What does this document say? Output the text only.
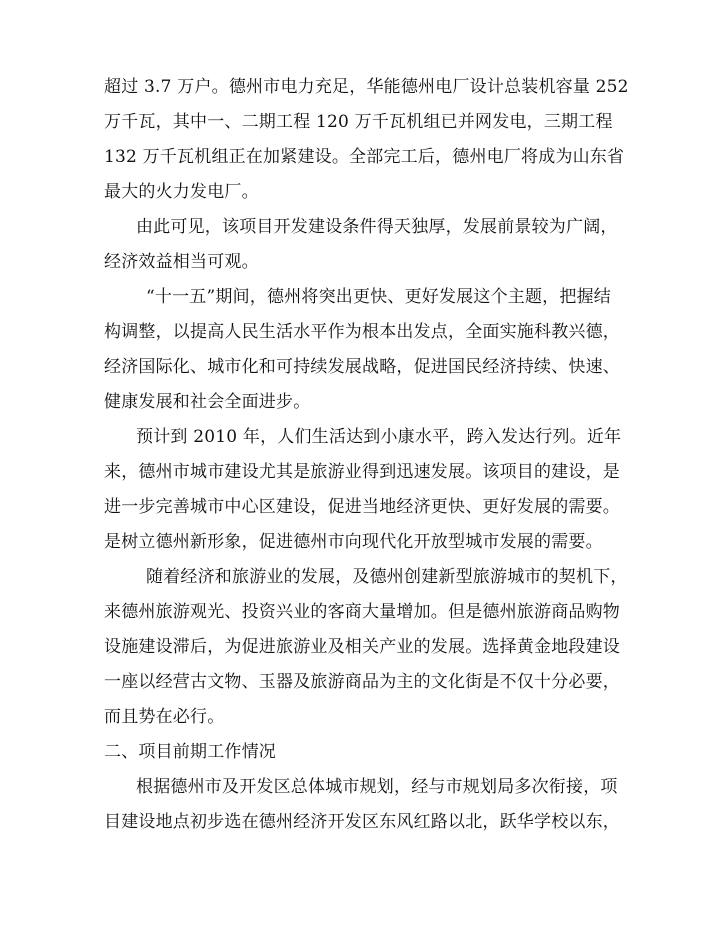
超过 3.7 万户。德州市电力充足，华能德州电厂设计总装机容量 252
万千瓦，其中一、二期工程 120 万千瓦机组已并网发电，三期工程
132 万千瓦机组正在加紧建设。全部完工后，德州电厂将成为山东省
最大的火力发电厂。
由此可见，该项目开发建设条件得天独厚，发展前景较为广阔，
经济效益相当可观。
“十一五”期间，德州将突出更快、更好发展这个主题，把握结
构调整，以提高人民生活水平作为根本出发点，全面实施科教兴德，
经济国际化、城市化和可持续发展战略，促进国民经济持续、快速、
健康发展和社会全面进步。
预计到 2010 年，人们生活达到小康水平，跨入发达行列。近年
来，德州市城市建设尤其是旅游业得到迅速发展。该项目的建设，是
进一步完善城市中心区建设，促进当地经济更快、更好发展的需要。
是树立德州新形象，促进德州市向现代化开放型城市发展的需要。
随着经济和旅游业的发展，及德州创建新型旅游城市的契机下，
来德州旅游观光、投资兴业的客商大量增加。但是德州旅游商品购物
设施建设滞后，为促进旅游业及相关产业的发展。选择黄金地段建设
一座以经营古文物、玉器及旅游商品为主的文化街是不仅十分必要，
而且势在必行。
二、项目前期工作情况
根据德州市及开发区总体城市规划，经与市规划局多次衔接，项
目建设地点初步选在德州经济开发区东风红路以北，跃华学校以东，
